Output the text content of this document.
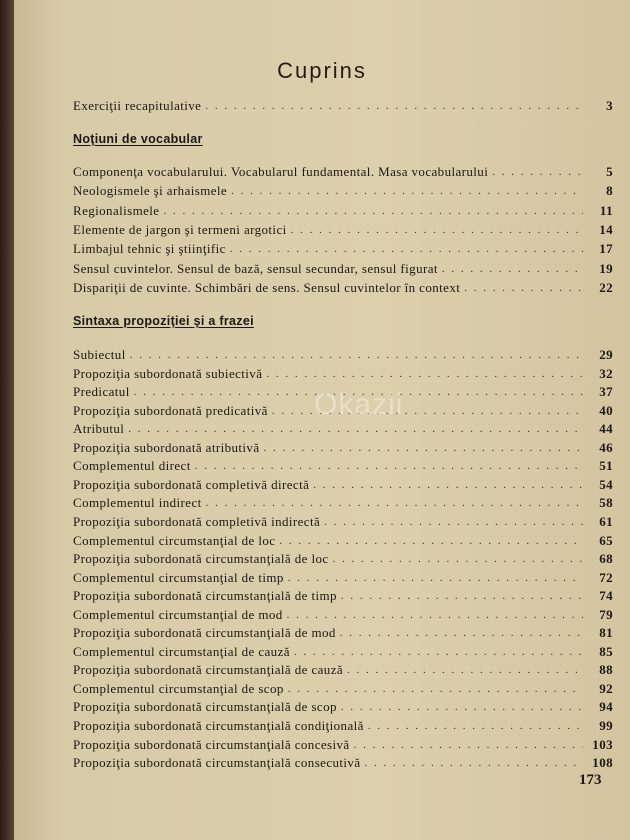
Cuprins
Exerciţii recapitulative . . .	3
Noţiuni de vocabular
Componenţa vocabularului. Vocabularul fundamental. Masa vocabularului . . .	5
Neologismele şi arhaismele . . .	8
Regionalismele . . .	11
Elemente de jargon şi termeni argotici . . .	14
Limbajul tehnic şi ştiinţific . . .	17
Sensul cuvintelor. Sensul de bază, sensul secundar, sensul figurat . . .	19
Dispariţii de cuvinte. Schimbări de sens. Sensul cuvintelor în context . . .	22
Sintaxa propoziţiei şi a frazei
Subiectul . . .	29
Propoziţia subordonată subiectivă . . .	32
Predicatul . . .	37
Propoziţia subordonată predicativă . . .	40
Atributul . . .	44
Propoziţia subordonată atributivă . . .	46
Complementul direct . . .	51
Propoziţia subordonată completivă directă . . .	54
Complementul indirect . . .	58
Propoziţia subordonată completivă indirectă . . .	61
Complementul circumstanţial de loc . . .	65
Propoziţia subordonată circumstanţială de loc . . .	68
Complementul circumstanţial de timp . . .	72
Propoziţia subordonată circumstanţială de timp . . .	74
Complementul circumstanţial de mod . . .	79
Propoziţia subordonată circumstanţială de mod . . .	81
Complementul circumstanţial de cauză . . .	85
Propoziţia subordonată circumstanţială de cauză . . .	88
Complementul circumstanţial de scop . . .	92
Propoziţia subordonată circumstanţială de scop . . .	94
Propoziţia subordonată circumstanţială condiţională . . .	99
Propoziţia subordonată circumstanţială concesivă . . .	103
Propoziţia subordonată circumstanţială consecutivă . . .	108
Okazii
173
